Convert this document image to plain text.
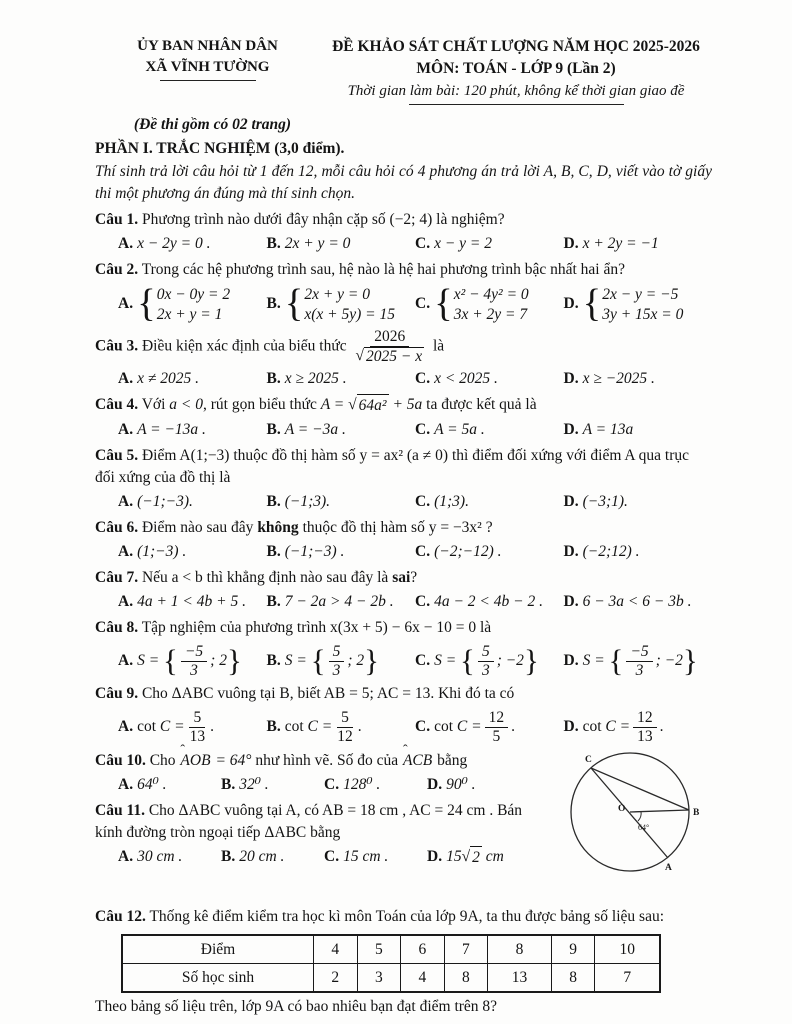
ỦY BAN NHÂN DÂN
XÃ VĨNH TƯỜNG
ĐỀ KHẢO SÁT CHẤT LƯỢNG NĂM HỌC 2025-2026
MÔN: TOÁN - LỚP 9 (Lần 2)
Thời gian làm bài: 120 phút, không kể thời gian giao đề
(Đề thi gồm có 02 trang)
PHẦN I. TRẮC NGHIỆM (3,0 điểm).
Thí sinh trả lời câu hỏi từ 1 đến 12, mỗi câu hỏi có 4 phương án trả lời A, B, C, D, viết vào tờ giấy thi một phương án đúng mà thí sinh chọn.
Câu 1. Phương trình nào dưới đây nhận cặp số (−2; 4) là nghiệm?
A. x − 2y = 0 .	B. 2x + y = 0	C. x − y = 2	D. x + 2y = −1
Câu 2. Trong các hệ phương trình sau, hệ nào là hệ hai phương trình bậc nhất hai ẩn?
A. { 0x − 0y = 2
2x + y = 1
B. { 2x + y = 0
x(x + 5y) = 15
C. { x² − 4y² = 0
3x + 2y = 7
D. { 2x − y = −5
3y + 15x = 0
Câu 3. Điều kiện xác định của biểu thức $\frac{2026}{√ 2025 - x}$ là
A. x ≠ 2025 .	B. x ≥ 2025 .	C. x < 2025 .	D. x ≥ −2025 .
Câu 4. Với a < 0, rút gọn biểu thức A = √ 64a² + 5a ta được kết quả là
A. A = −13a .	B. A = −3a .	C. A = 5a .	D. A = 13a
Câu 5. Điểm A(1;−3) thuộc đồ thị hàm số y = ax² (a ≠ 0) thì điểm đối xứng với điểm A qua trục đối xứng của đồ thị là
A. (−1;−3).	B. (−1;3).	C. (1;3).	D. (−3;1).
Câu 6. Điểm nào sau đây không thuộc đồ thị hàm số y = −3x² ?
A. (1;−3) .	B. (−1;−3) .	C. (−2;−12) .	D. (−2;12) .
Câu 7. Nếu a < b thì khẳng định nào sau đây là sai?
A. 4a + 1 < 4b + 5 .	B. 7 − 2a > 4 − 2b .	C. 4a − 2 < 4b − 2 .	D. 6 − 3a < 6 − 3b .
Câu 8. Tập nghiệm của phương trình x(3x + 5) − 6x − 10 = 0 là
A. S = { $\frac{-5}{3}$ ; 2}	B. S = { $\frac{5}{3}$ ; 2}	C. S = { $\frac{5}{3}$ ; −2}	D. S = { $\frac{-5}{3}$ ; −2}
Câu 9. Cho ΔABC vuông tại B, biết AB = 5; AC = 13. Khi đó ta có
A. $\cot C = \frac{5}{13}$ .	B. $\cot C = \frac{5}{12}$ .	C. $\cot C = \frac{12}{5}$ .	D. $\cot C = \frac{12}{13}$ .
C
B
A
O
64°
Câu 10. Cho ˆ AOB = 64° như hình vẽ. Số đo của ˆ ACB bằng
A. 64⁰ .	B. 32⁰ .	C. 128⁰ .	D. 90⁰ .
Câu 11. Cho ΔABC vuông tại A, có AB = 18 cm , AC = 24 cm . Bán kính đường tròn ngoại tiếp ΔABC bằng
A. 30 cm .	B. 20 cm .	C. 15 cm .	D. 15 √ 2 cm
Câu 12. Thống kê điểm kiểm tra học kì môn Toán của lớp 9A, ta thu được bảng số liệu sau:
Điểm	4	5	6	7	8	9	10
Số học sinh	2	3	4	8	13	8	7
Theo bảng số liệu trên, lớp 9A có bao nhiêu bạn đạt điểm trên 8?
